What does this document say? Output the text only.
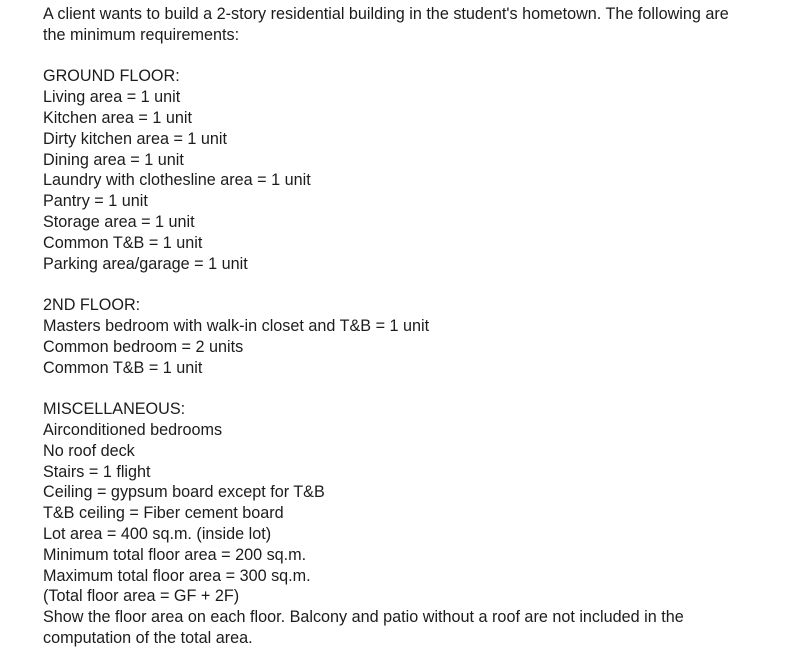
A client wants to build a 2-story residential building in the student's hometown. The following are the minimum requirements:
GROUND FLOOR:
Living area = 1 unit
Kitchen area = 1 unit
Dirty kitchen area = 1 unit
Dining area = 1 unit
Laundry with clothesline area = 1 unit
Pantry = 1 unit
Storage area = 1 unit
Common T&B = 1 unit
Parking area/garage = 1 unit
2ND FLOOR:
Masters bedroom with walk-in closet and T&B = 1 unit
Common bedroom = 2 units
Common T&B = 1 unit
MISCELLANEOUS:
Airconditioned bedrooms
No roof deck
Stairs = 1 flight
Ceiling = gypsum board except for T&B
T&B ceiling = Fiber cement board
Lot area = 400 sq.m. (inside lot)
Minimum total floor area = 200 sq.m.
Maximum total floor area = 300 sq.m.
(Total floor area = GF + 2F)
Show the floor area on each floor. Balcony and patio without a roof are not included in the computation of the total area.
